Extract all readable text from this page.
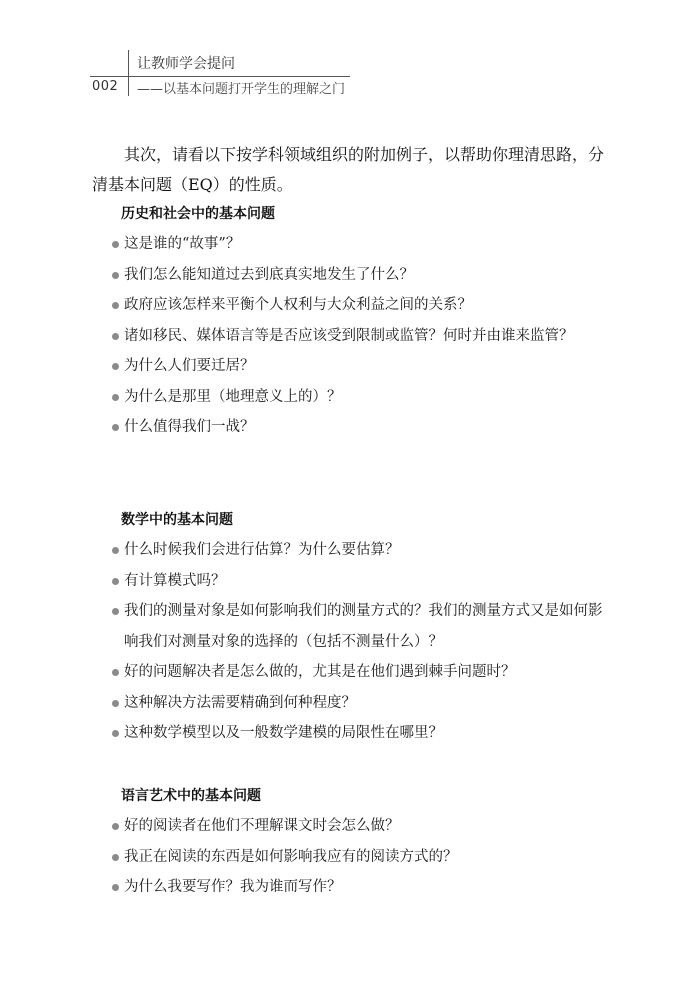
002
让教师学会提问
——以基本问题打开学生的理解之门

其次，请看以下按学科领域组织的附加例子，以帮助你理清思路，分清基本问题（EQ）的性质。

历史和社会中的基本问题
这是谁的“故事”？
我们怎么能知道过去到底真实地发生了什么？
政府应该怎样来平衡个人权利与大众利益之间的关系？
诸如移民、媒体语言等是否应该受到限制或监管？何时并由谁来监管？
为什么人们要迁居？
为什么是那里（地理意义上的）？
什么值得我们一战？
数学中的基本问题
什么时候我们会进行估算？为什么要估算？
有计算模式吗？
我们的测量对象是如何影响我们的测量方式的？我们的测量方式又是如何影响我们对测量对象的选择的（包括不测量什么）？
好的问题解决者是怎么做的，尤其是在他们遇到棘手问题时？
这种解决方法需要精确到何种程度？
这种数学模型以及一般数学建模的局限性在哪里？
语言艺术中的基本问题
好的阅读者在他们不理解课文时会怎么做？
我正在阅读的东西是如何影响我应有的阅读方式的？
为什么我要写作？我为谁而写作？
